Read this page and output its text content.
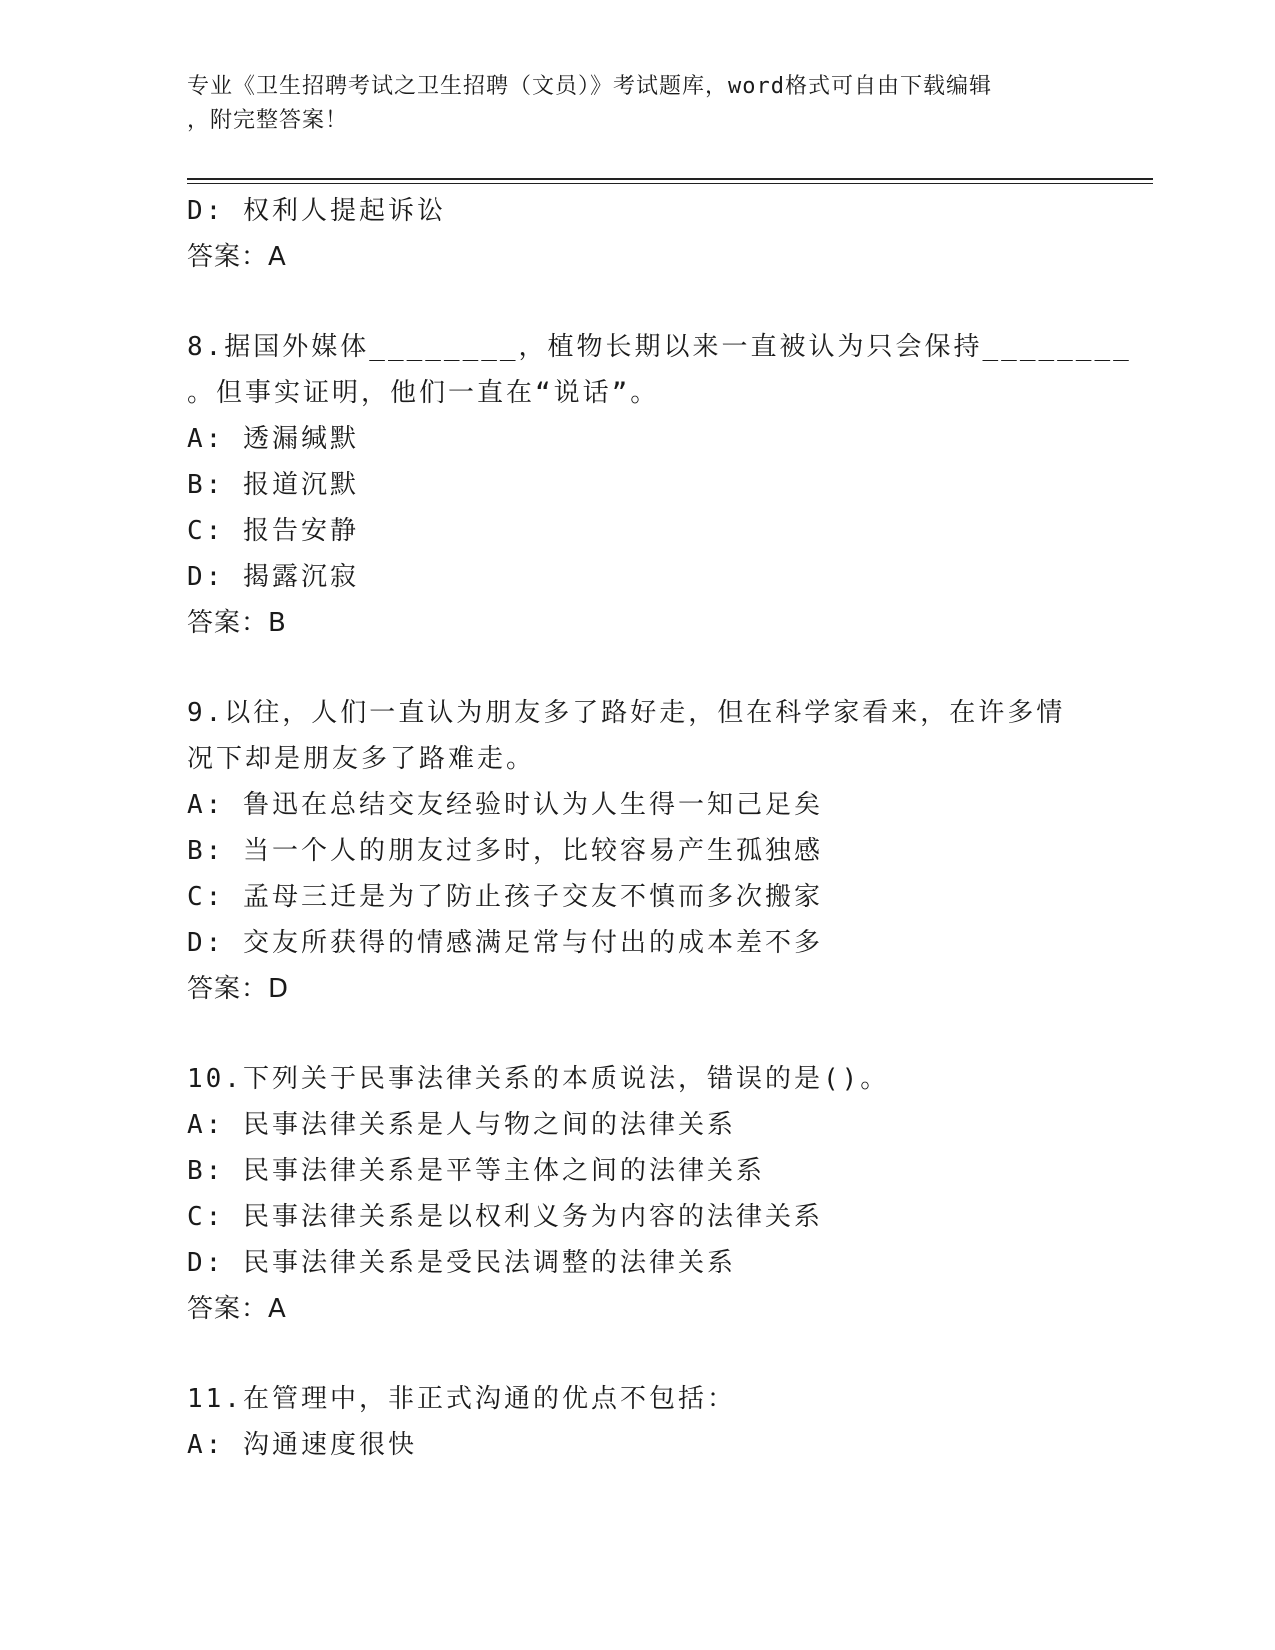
专业《卫生招聘考试之卫生招聘（文员）》考试题库，word格式可自由下载编辑
，附完整答案！
D: 权利人提起诉讼
答案：A
8.据国外媒体________，植物长期以来一直被认为只会保持________
。但事实证明，他们一直在“说话”。
A: 透漏缄默
B: 报道沉默
C: 报告安静
D: 揭露沉寂
答案：B
9.以往，人们一直认为朋友多了路好走，但在科学家看来，在许多情
况下却是朋友多了路难走。
A: 鲁迅在总结交友经验时认为人生得一知己足矣
B: 当一个人的朋友过多时，比较容易产生孤独感
C: 孟母三迁是为了防止孩子交友不慎而多次搬家
D: 交友所获得的情感满足常与付出的成本差不多
答案：D
10.下列关于民事法律关系的本质说法，错误的是()。
A: 民事法律关系是人与物之间的法律关系
B: 民事法律关系是平等主体之间的法律关系
C: 民事法律关系是以权利义务为内容的法律关系
D: 民事法律关系是受民法调整的法律关系
答案：A
11.在管理中，非正式沟通的优点不包括：
A: 沟通速度很快
